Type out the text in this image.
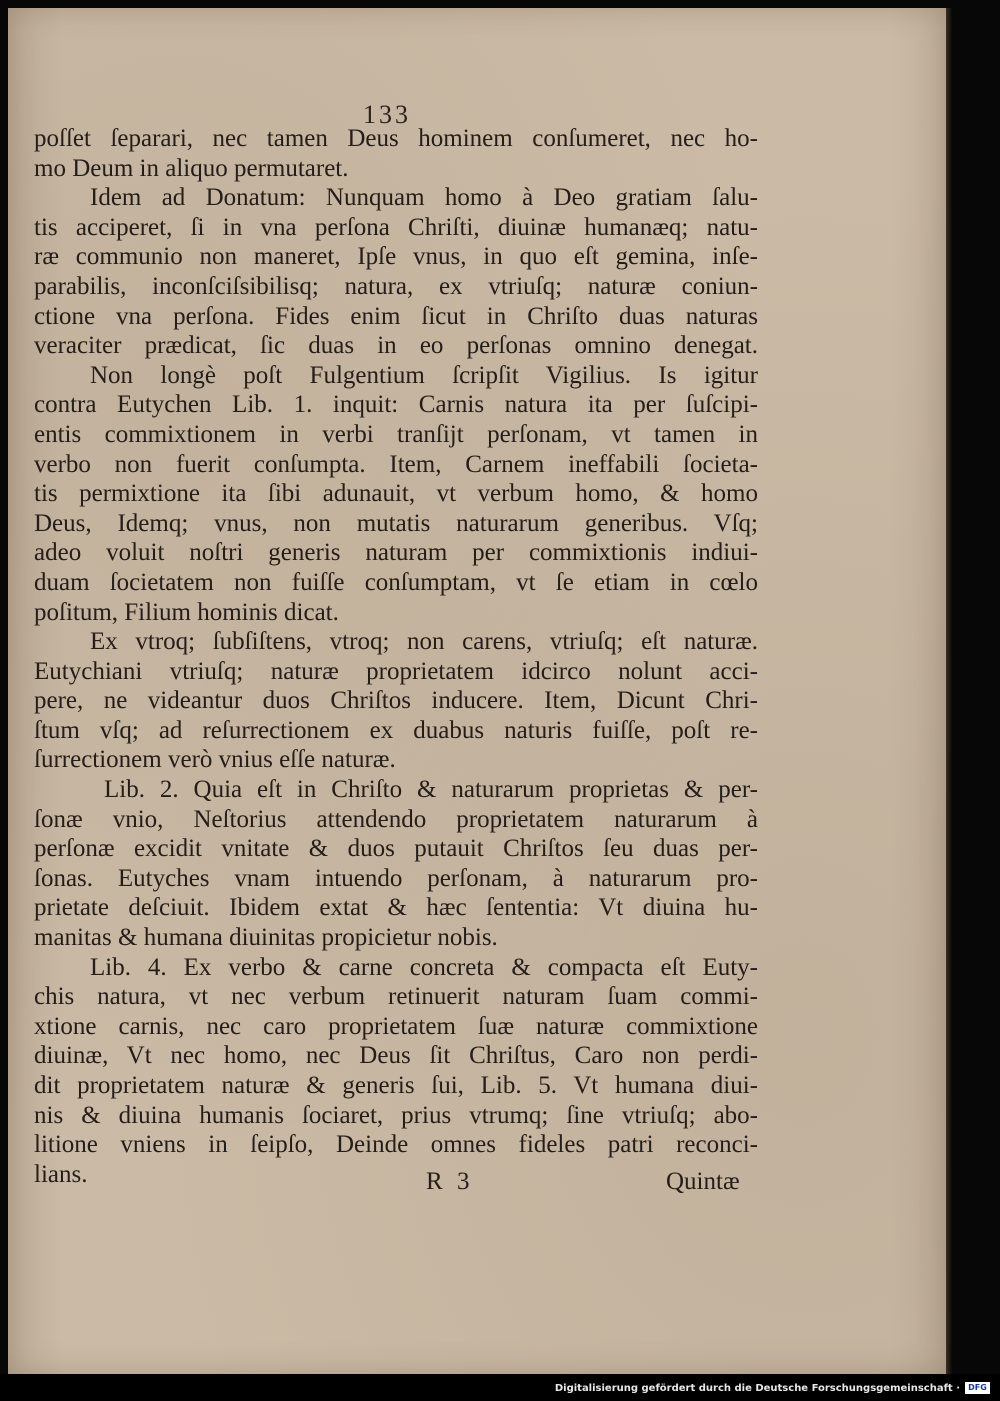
133
poſſet ſeparari, nec tamen Deus hominem conſumeret, nec ho-
mo Deum in aliquo permutaret.
Idem ad Donatum: Nunquam homo à Deo gratiam ſalu-
tis acciperet, ſi in vna perſona Chriſti, diuinæ humanæq; natu-
ræ communio non maneret, Ipſe vnus, in quo eſt gemina, inſe-
parabilis, inconſciſsibilisq; natura, ex vtriuſq; naturæ coniun-
ctione vna perſona. Fides enim ſicut in Chriſto duas naturas
veraciter prædicat, ſic duas in eo perſonas omnino denegat.
Non longè poſt Fulgentium ſcripſit Vigilius. Is igitur
contra Eutychen Lib. 1. inquit: Carnis natura ita per ſuſcipi-
entis commixtionem in verbi tranſijt perſonam, vt tamen in
verbo non fuerit conſumpta. Item, Carnem ineffabili ſocieta-
tis permixtione ita ſibi adunauit, vt verbum homo, & homo
Deus, Idemq; vnus, non mutatis naturarum generibus. Vſq;
adeo voluit noſtri generis naturam per commixtionis indiui-
duam ſocietatem non fuiſſe conſumptam, vt ſe etiam in cœlo
poſitum, Filium hominis dicat.
Ex vtroq; ſubſiſtens, vtroq; non carens, vtriuſq; eſt naturæ.
Eutychiani vtriuſq; naturæ proprietatem idcirco nolunt acci-
pere, ne videantur duos Chriſtos inducere. Item, Dicunt Chri-
ſtum vſq; ad reſurrectionem ex duabus naturis fuiſſe, poſt re-
ſurrectionem verò vnius eſſe naturæ.
Lib. 2. Quia eſt in Chriſto & naturarum proprietas & per-
ſonæ vnio, Neſtorius attendendo proprietatem naturarum à
perſonæ excidit vnitate & duos putauit Chriſtos ſeu duas per-
ſonas. Eutyches vnam intuendo perſonam, à naturarum pro-
prietate deſciuit. Ibidem extat & hæc ſententia: Vt diuina hu-
manitas & humana diuinitas propicietur nobis.
Lib. 4. Ex verbo & carne concreta & compacta eſt Euty-
chis natura, vt nec verbum retinuerit naturam ſuam commi-
xtione carnis, nec caro proprietatem ſuæ naturæ commixtione
diuinæ, Vt nec homo, nec Deus ſit Chriſtus, Caro non perdi-
dit proprietatem naturæ & generis ſui, Lib. 5. Vt humana diui-
nis & diuina humanis ſociaret, prius vtrumq; ſine vtriuſq; abo-
litione vniens in ſeipſo, Deinde omnes fideles patri reconci-
lians.	R 3	Quintæ
Digitalisierung gefördert durch die Deutsche Forschungsgemeinschaft ·	DFG
